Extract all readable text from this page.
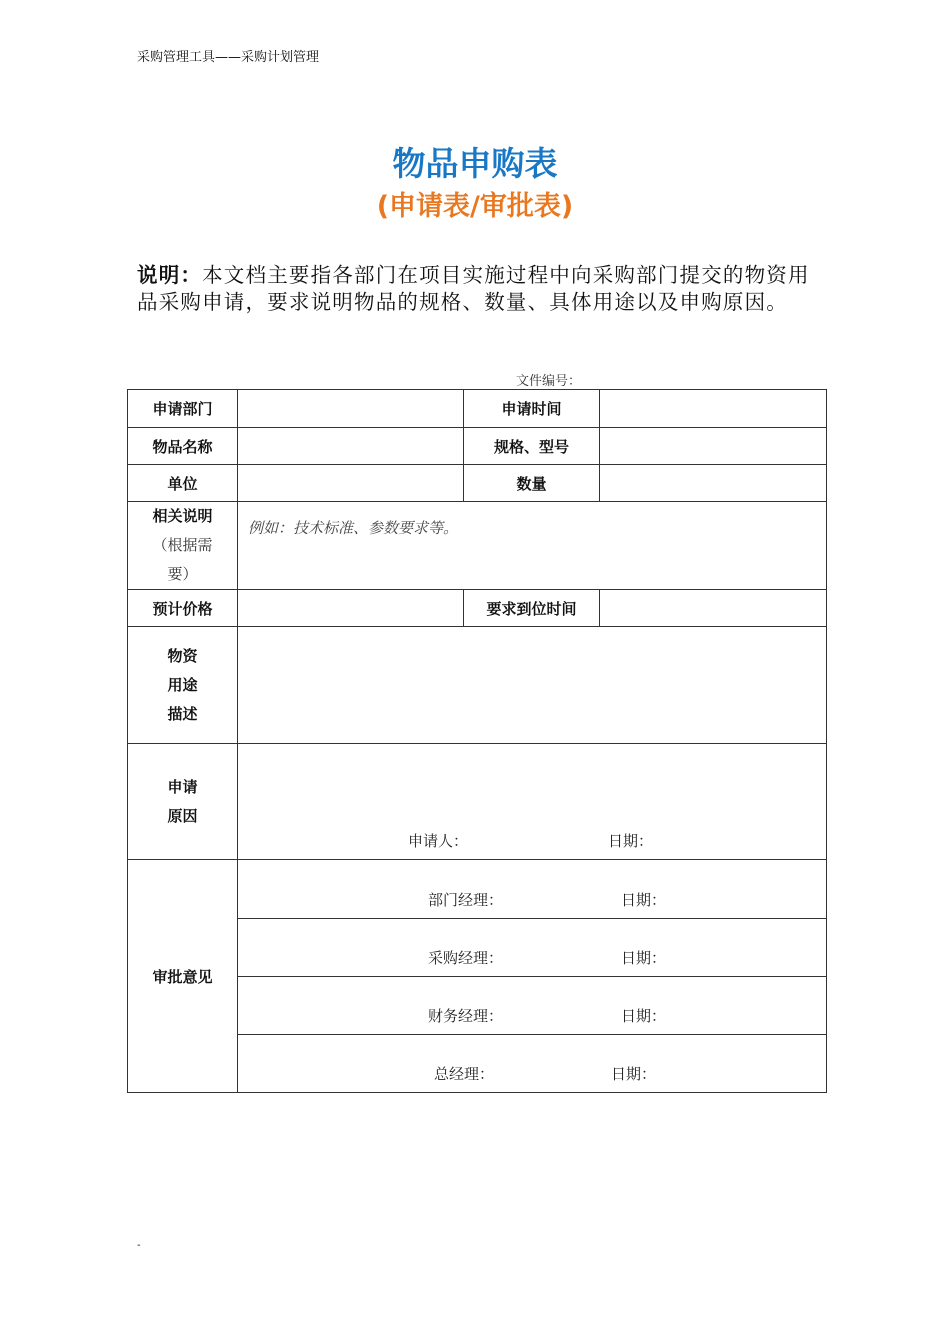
采购管理工具——采购计划管理
物品申购表
(申请表/审批表)
说明：本文档主要指各部门在项目实施过程中向采购部门提交的物资用品采购申请，要求说明物品的规格、数量、具体用途以及申购原因。
文件编号：
申请部门		申请时间	
物品名称		规格、型号	
单位		数量	

相关说明
（根据需
要）	例如：技术标准、参数要求等。		
预计价格		要求到位时间	

物资
用途
描述			

申请
原因	申请人： 日期：		
审批意见	部门经理： 日期：		
	采购经理： 日期：		
	财务经理： 日期：		
	总经理： 日期：		
-
